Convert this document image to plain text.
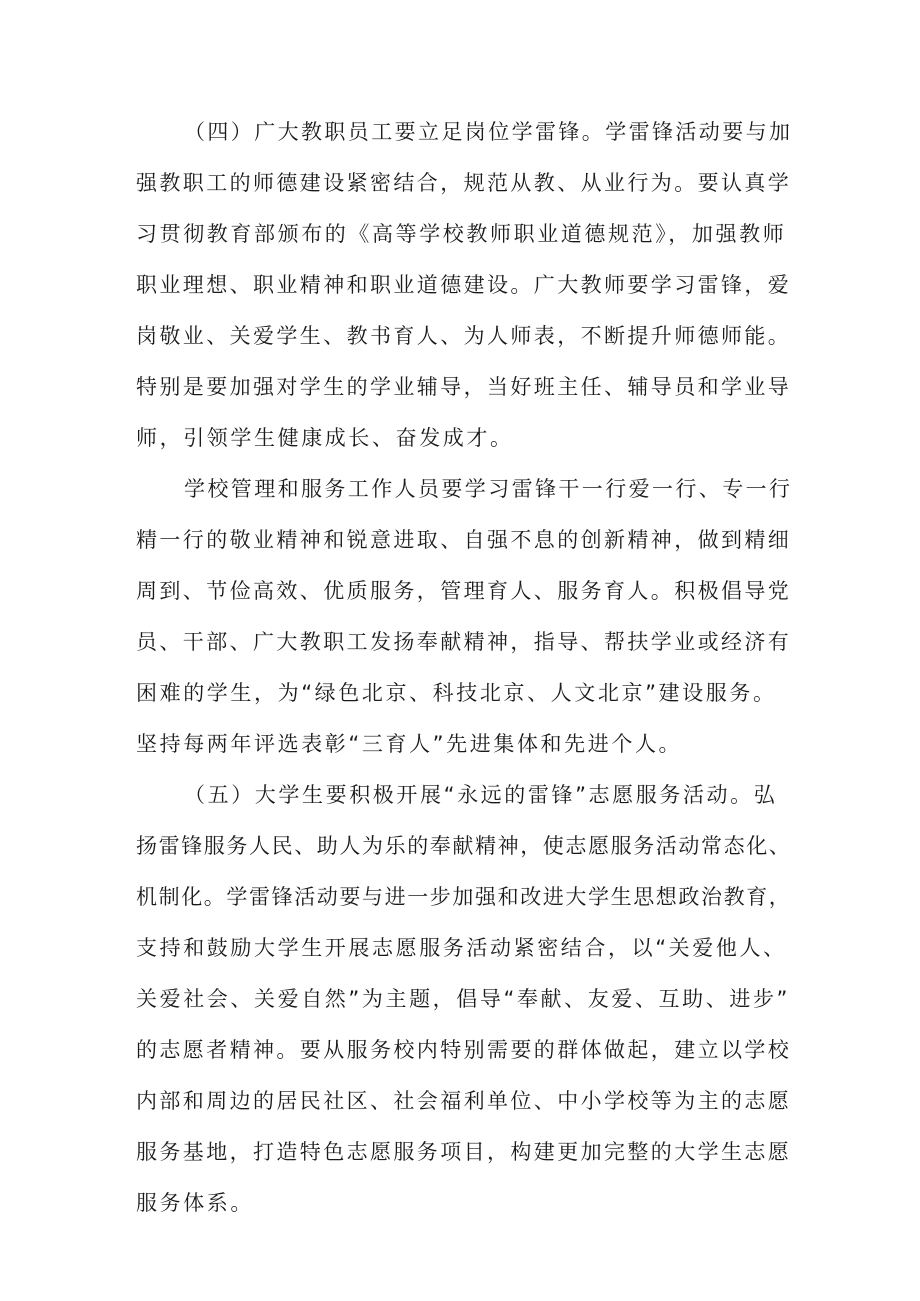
（四）广大教职员工要立足岗位学雷锋。学雷锋活动要与加
强教职工的师德建设紧密结合，规范从教、从业行为。要认真学
习贯彻教育部颁布的《高等学校教师职业道德规范》，加强教师
职业理想、职业精神和职业道德建设。广大教师要学习雷锋，爱
岗敬业、关爱学生、教书育人、为人师表，不断提升师德师能。
特别是要加强对学生的学业辅导，当好班主任、辅导员和学业导
师，引领学生健康成长、奋发成才。
学校管理和服务工作人员要学习雷锋干一行爱一行、专一行
精一行的敬业精神和锐意进取、自强不息的创新精神，做到精细
周到、节俭高效、优质服务，管理育人、服务育人。积极倡导党
员、干部、广大教职工发扬奉献精神，指导、帮扶学业或经济有
困难的学生，为“绿色北京、科技北京、人文北京”建设服务。
坚持每两年评选表彰“三育人”先进集体和先进个人。
（五）大学生要积极开展“永远的雷锋”志愿服务活动。弘
扬雷锋服务人民、助人为乐的奉献精神，使志愿服务活动常态化、
机制化。学雷锋活动要与进一步加强和改进大学生思想政治教育，
支持和鼓励大学生开展志愿服务活动紧密结合，以“关爱他人、
关爱社会、关爱自然”为主题，倡导“奉献、友爱、互助、进步”
的志愿者精神。要从服务校内特别需要的群体做起，建立以学校
内部和周边的居民社区、社会福利单位、中小学校等为主的志愿
服务基地，打造特色志愿服务项目，构建更加完整的大学生志愿
服务体系。
